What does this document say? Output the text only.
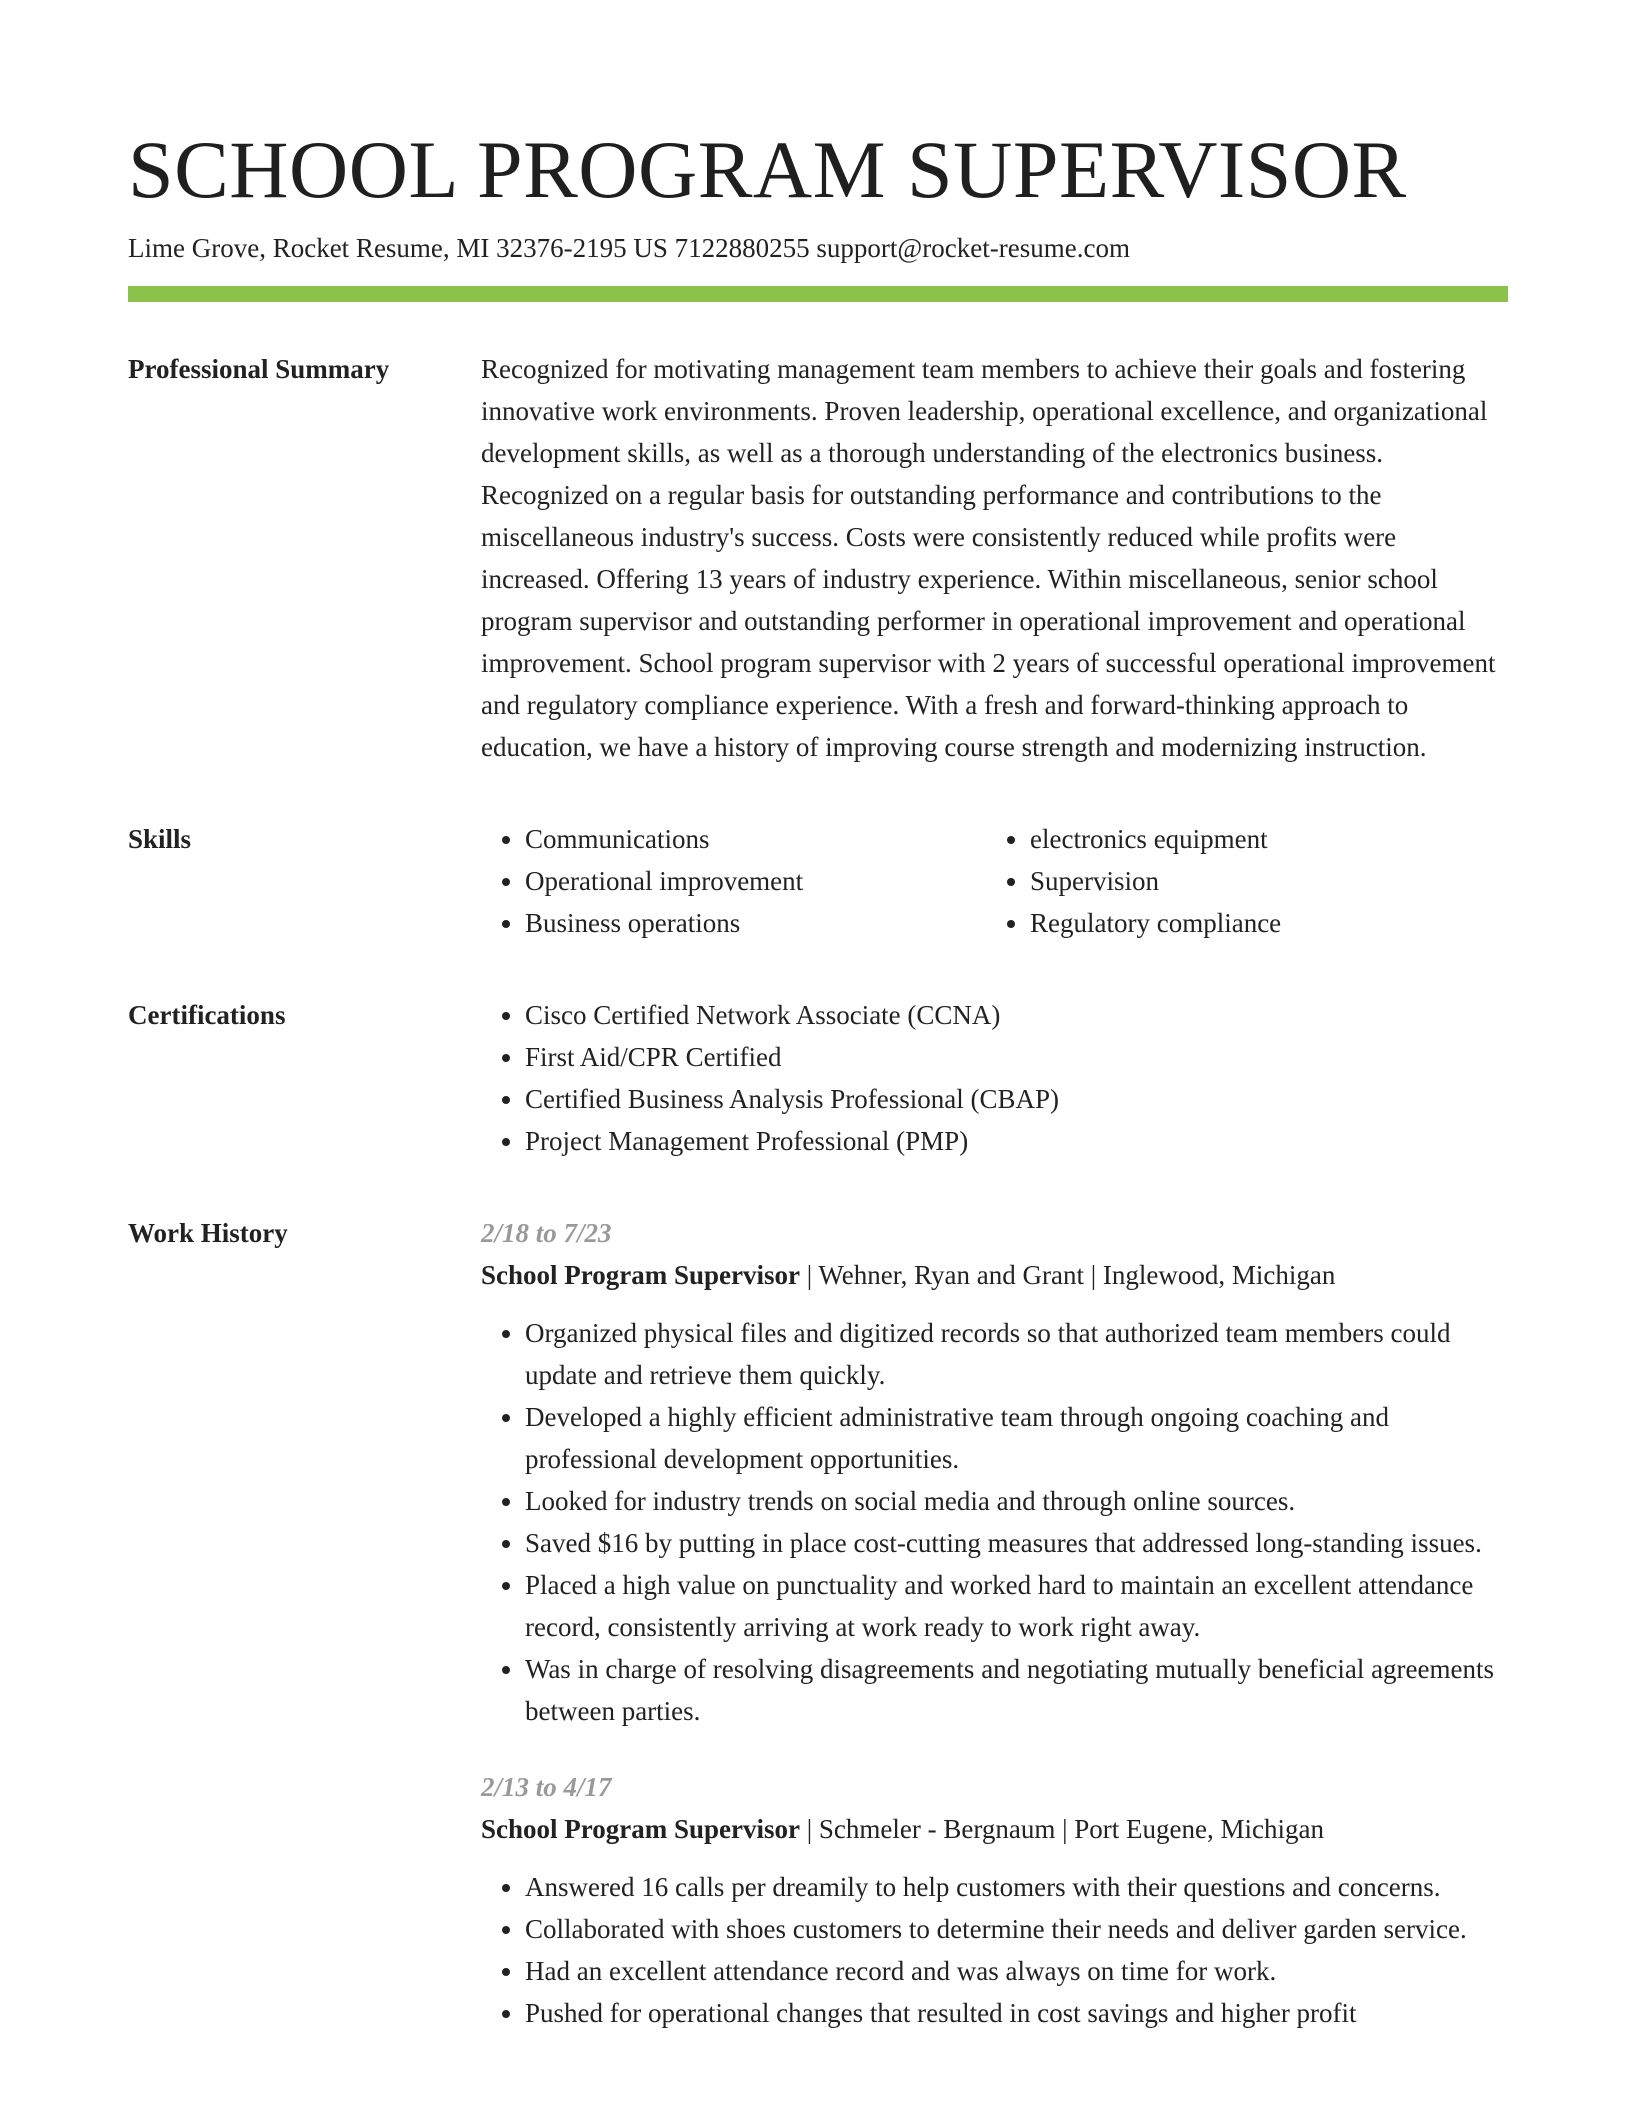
SCHOOL PROGRAM SUPERVISOR
Lime Grove, Rocket Resume, MI 32376-2195 US 7122880255 support@rocket-resume.com
Professional Summary	Recognized for motivating management team members to achieve their goals and fostering innovative work environments. Proven leadership, operational excellence, and organizational development skills, as well as a thorough understanding of the electronics business. Recognized on a regular basis for outstanding performance and contributions to the miscellaneous industry's success. Costs were consistently reduced while profits were increased. Offering 13 years of industry experience. Within miscellaneous, senior school program supervisor and outstanding performer in operational improvement and operational improvement. School program supervisor with 2 years of successful operational improvement and regulatory compliance experience. With a fresh and forward-thinking approach to education, we have a history of improving course strength and modernizing instruction.

Skills	• Communications
• Operational improvement
• Business operations
• electronics equipment
• Supervision
• Regulatory compliance
Certifications	• Cisco Certified Network Associate (CCNA)
• First Aid/CPR Certified
• Certified Business Analysis Professional (CBAP)
• Project Management Professional (PMP)
Work History	2/18 to 7/23
School Program Supervisor | Wehner, Ryan and Grant | Inglewood, Michigan
• Organized physical files and digitized records so that authorized team members could update and retrieve them quickly.
• Developed a highly efficient administrative team through ongoing coaching and professional development opportunities.
• Looked for industry trends on social media and through online sources.
• Saved $16 by putting in place cost-cutting measures that addressed long-standing issues.
• Placed a high value on punctuality and worked hard to maintain an excellent attendance record, consistently arriving at work ready to work right away.
• Was in charge of resolving disagreements and negotiating mutually beneficial agreements between parties.
2/13 to 4/17
School Program Supervisor | Schmeler - Bergnaum | Port Eugene, Michigan
• Answered 16 calls per dreamily to help customers with their questions and concerns.
• Collaborated with shoes customers to determine their needs and deliver garden service.
• Had an excellent attendance record and was always on time for work.
• Pushed for operational changes that resulted in cost savings and higher profit
